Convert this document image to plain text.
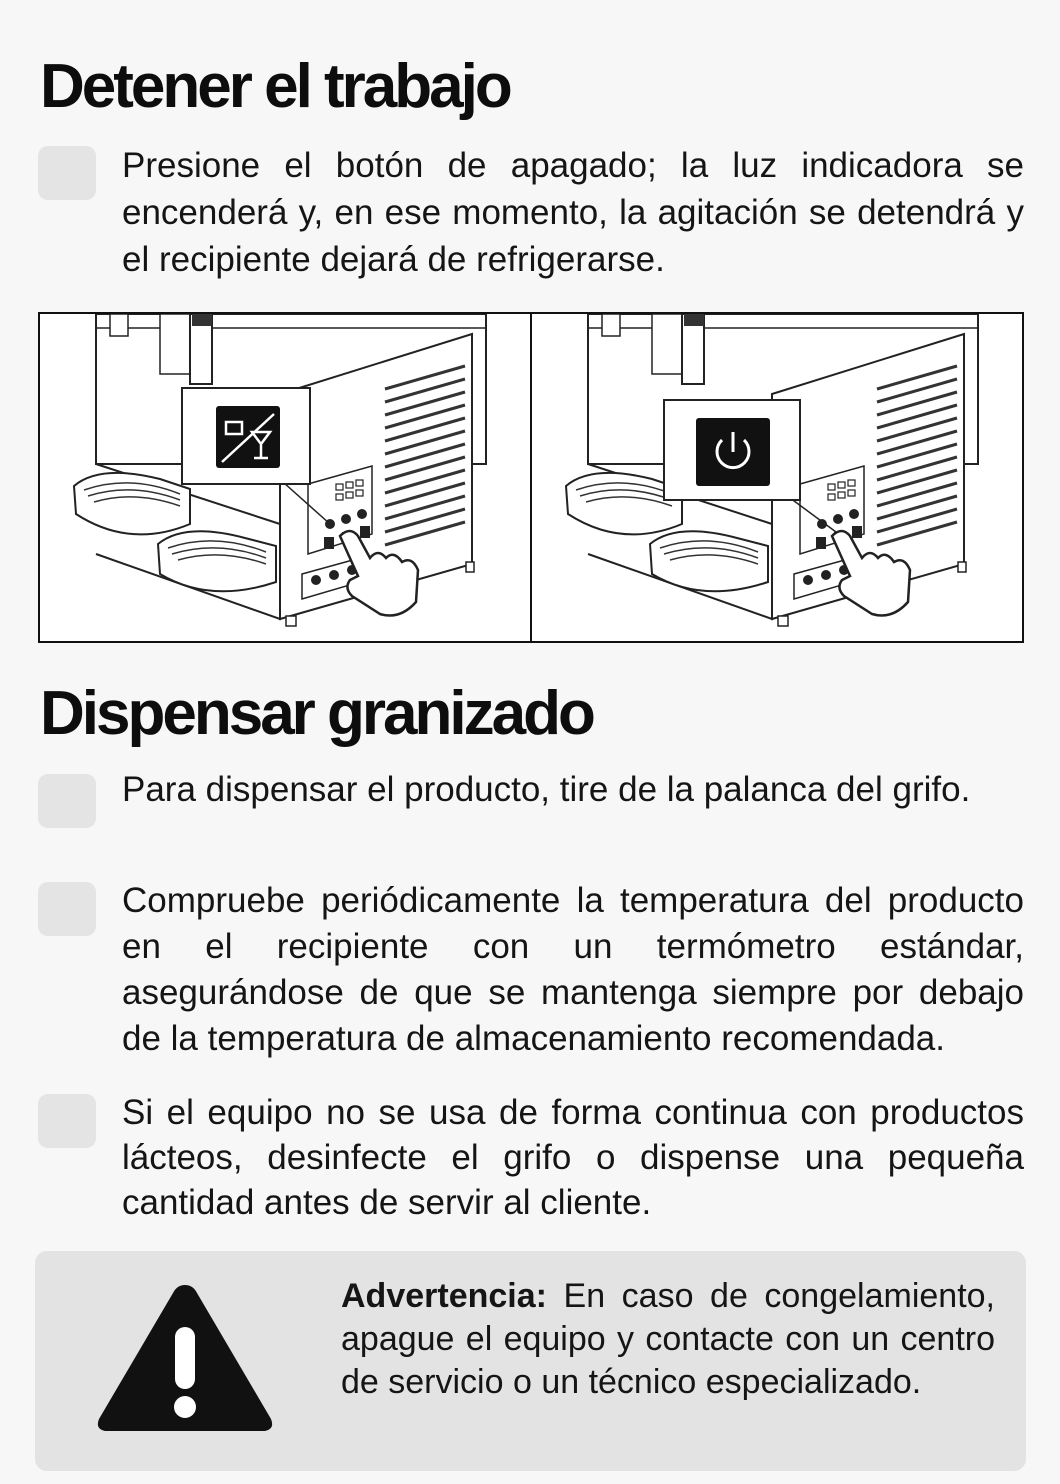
Detener el trabajo

Presione el botón de apagado; la luz indicadora se encenderá y, en ese momento, la agitación se detendrá y el recipiente dejará de refrigerarse.

Dispensar granizado

Para dispensar el producto, tire de la palanca del grifo.

Compruebe periódicamente la temperatura del producto en el recipiente con un termómetro estándar, asegurándose de que se mantenga siempre por debajo de la temperatura de almacenamiento recomendada.

Si el equipo no se usa de forma continua con productos lácteos, desinfecte el grifo o dispense una pequeña cantidad antes de servir al cliente.

Advertencia: En caso de congelamiento, apague el equipo y contacte con un centro de servicio o un técnico especializado.
